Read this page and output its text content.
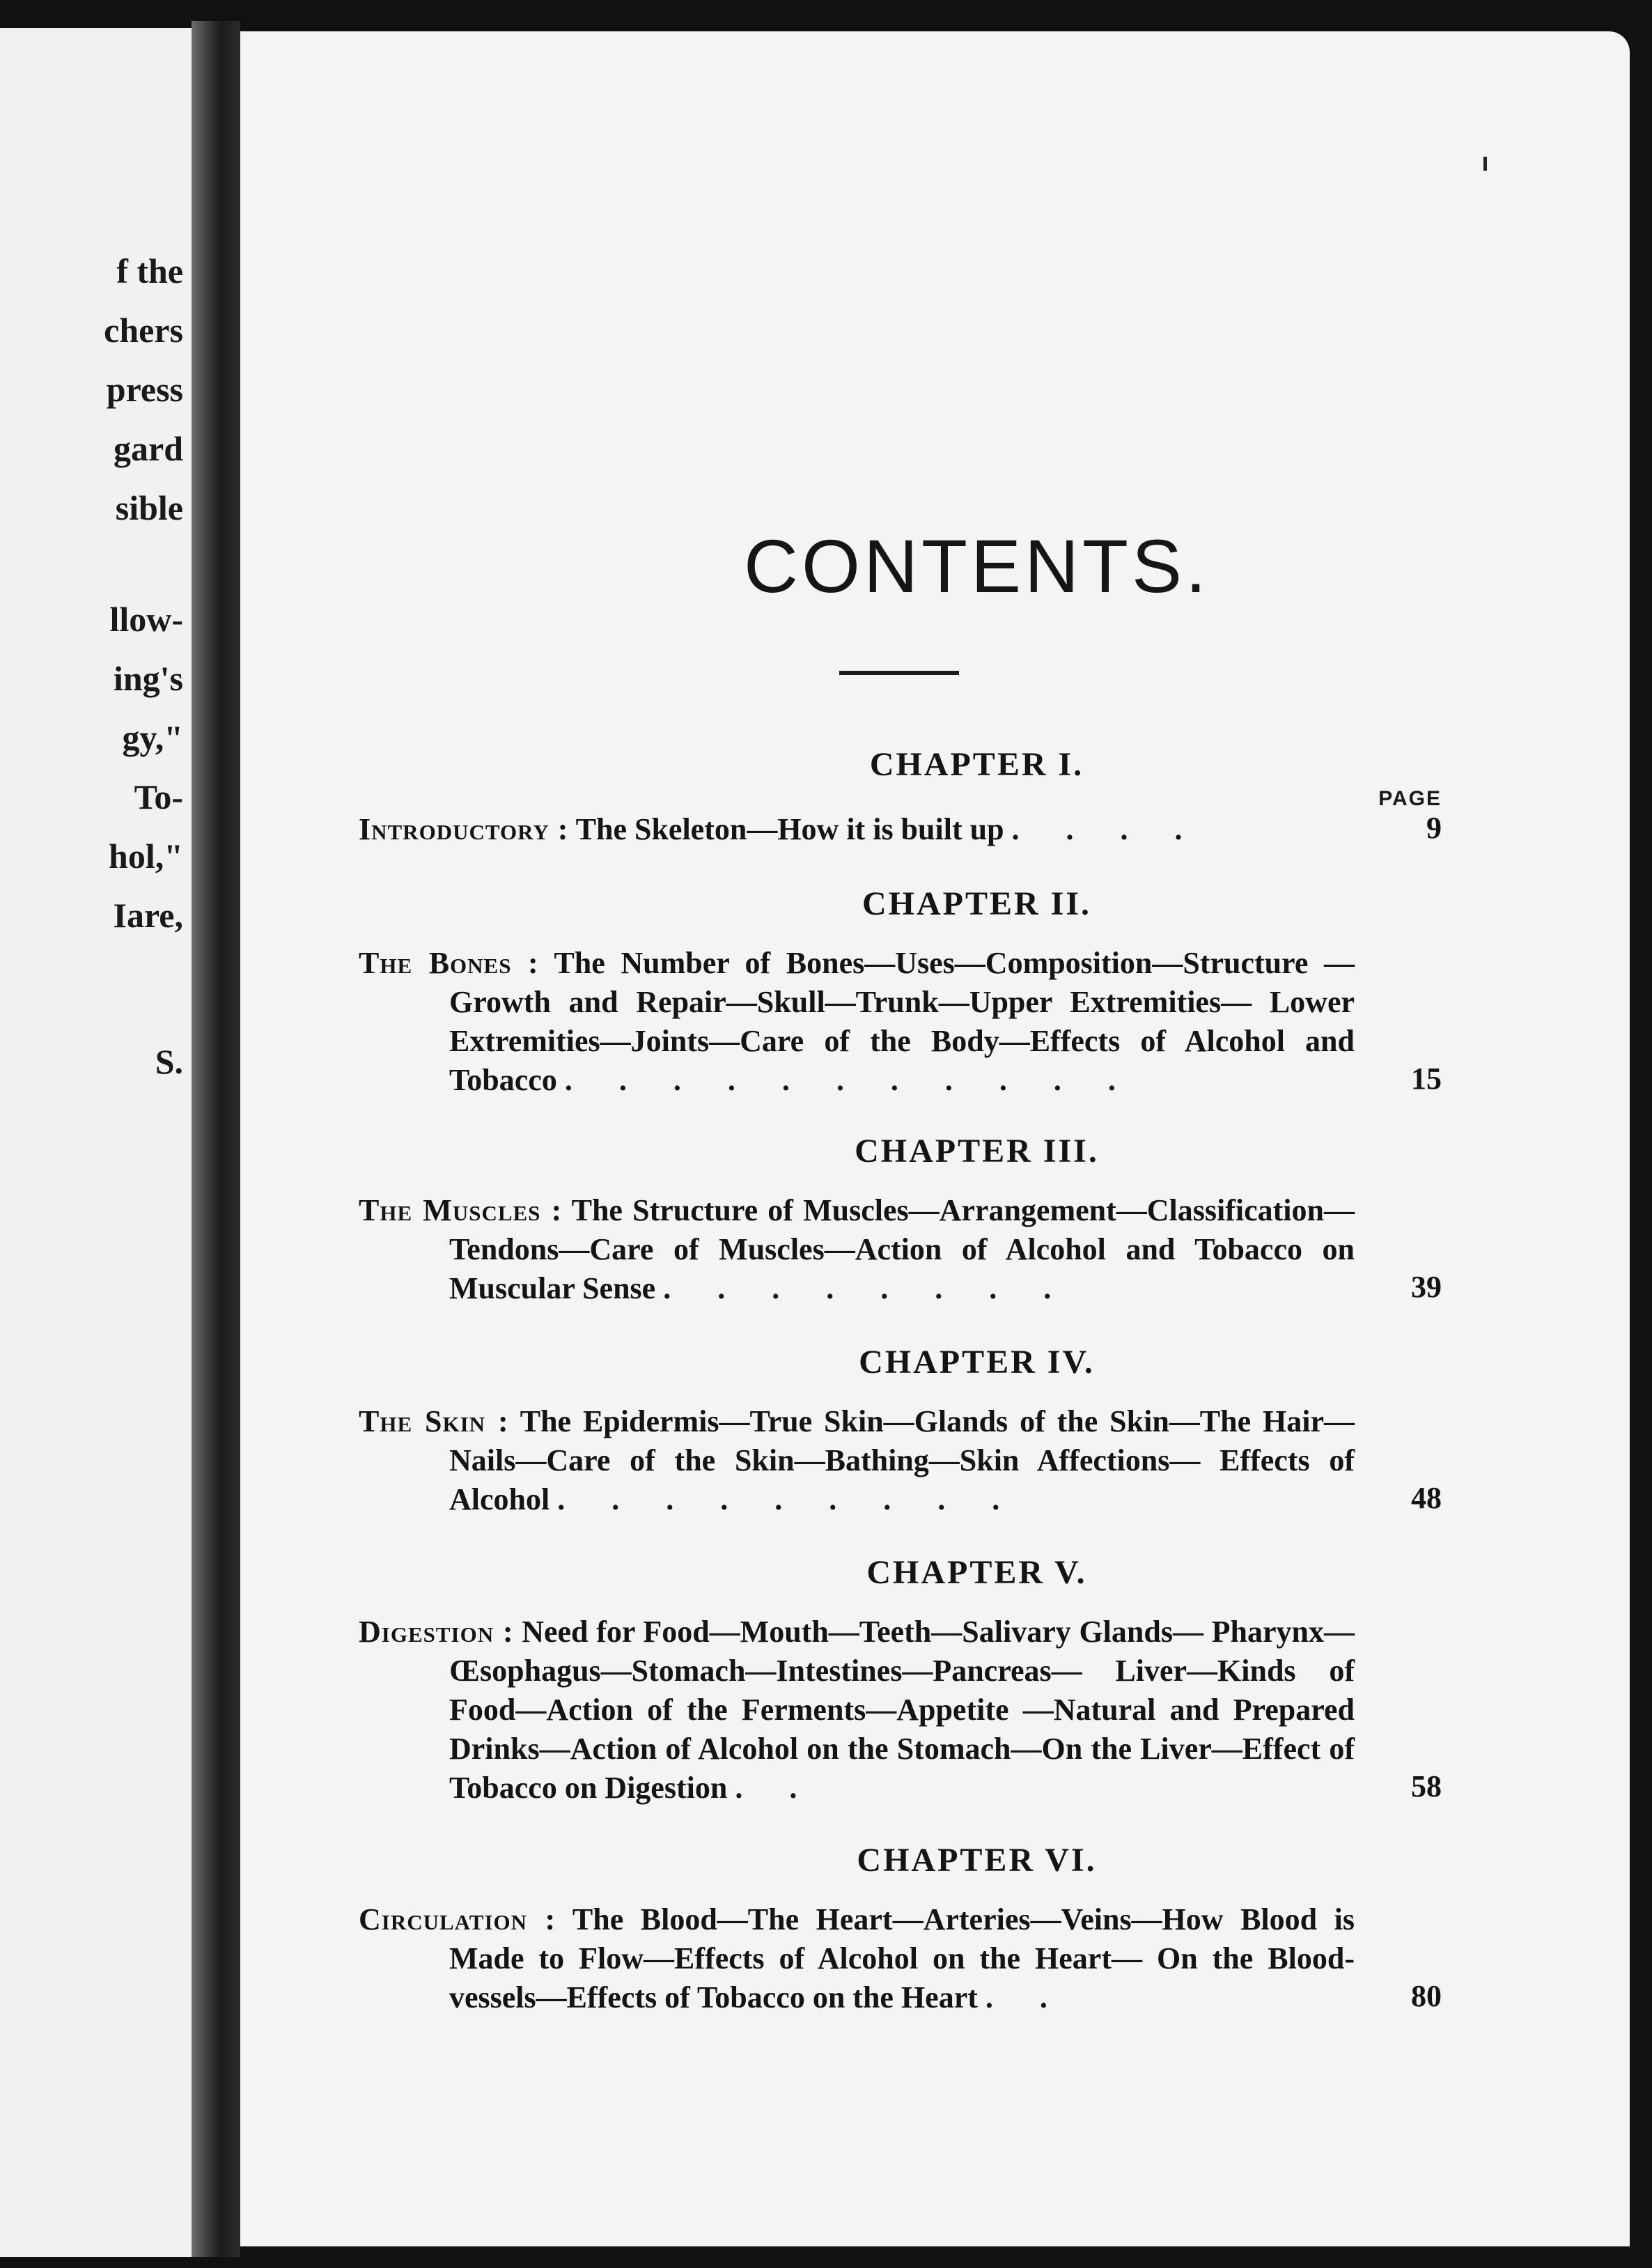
f the
chers
press
gard
sible
llow-
ing's
gy,"
To-
hol,"
Iare,
S.
CONTENTS.
CHAPTER I.
PAGE
Introductory : The Skeleton—How it is built up . . . .	9
CHAPTER II.
The Bones : The Number of Bones—Uses—Composition—Structure —Growth and Repair—Skull—Trunk—Upper Extremities— Lower Extremities—Joints—Care of the Body—Effects of Alcohol and Tobacco . . . . . . . . . . .	15
CHAPTER III.
The Muscles : The Structure of Muscles—Arrangement—Classification—Tendons—Care of Muscles—Action of Alcohol and Tobacco on Muscular Sense . . . . . . . .	39
CHAPTER IV.
The Skin : The Epidermis—True Skin—Glands of the Skin—The Hair—Nails—Care of the Skin—Bathing—Skin Affections— Effects of Alcohol . . . . . . . . .	48
CHAPTER V.
Digestion : Need for Food—Mouth—Teeth—Salivary Glands— Pharynx—Œsophagus—Stomach—Intestines—Pancreas— Liver—Kinds of Food—Action of the Ferments—Appetite —Natural and Prepared Drinks—Action of Alcohol on the Stomach—On the Liver—Effect of Tobacco on Digestion . .	58
CHAPTER VI.
Circulation : The Blood—The Heart—Arteries—Veins—How Blood is Made to Flow—Effects of Alcohol on the Heart— On the Blood-vessels—Effects of Tobacco on the Heart . .	80
